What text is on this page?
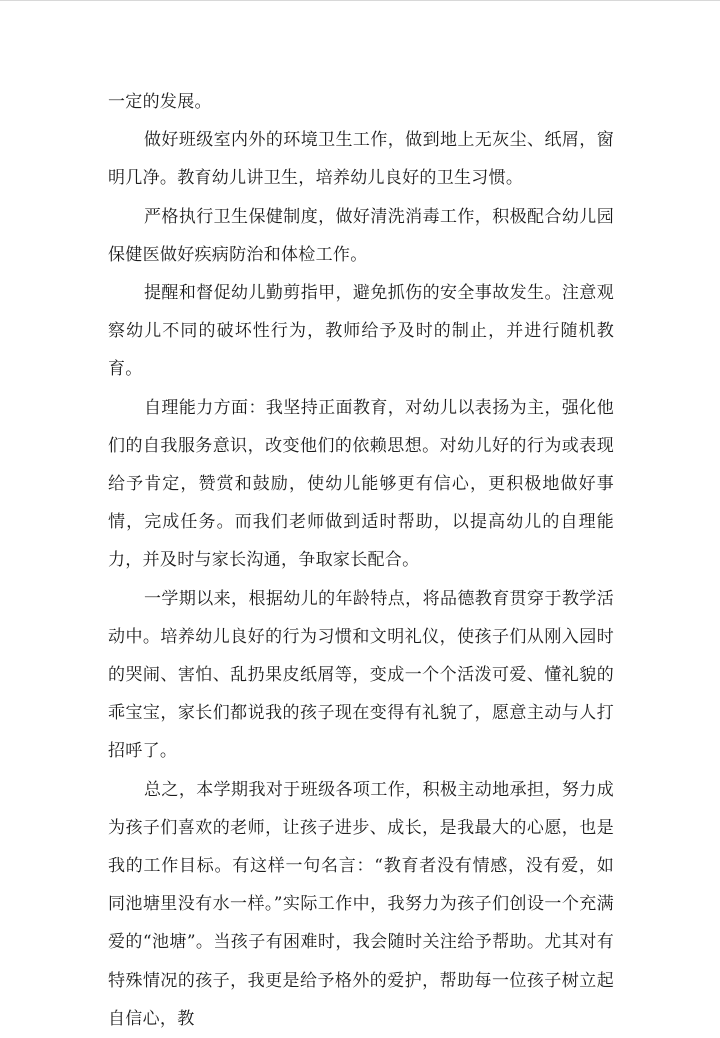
一定的发展。

做好班级室内外的环境卫生工作，做到地上无灰尘、纸屑，窗明几净。教育幼儿讲卫生，培养幼儿良好的卫生习惯。

严格执行卫生保健制度，做好清洗消毒工作，积极配合幼儿园保健医做好疾病防治和体检工作。

提醒和督促幼儿勤剪指甲，避免抓伤的安全事故发生。注意观察幼儿不同的破坏性行为，教师给予及时的制止，并进行随机教育。

自理能力方面：我坚持正面教育，对幼儿以表扬为主，强化他们的自我服务意识，改变他们的依赖思想。对幼儿好的行为或表现给予肯定，赞赏和鼓励，使幼儿能够更有信心，更积极地做好事情，完成任务。而我们老师做到适时帮助，以提高幼儿的自理能力，并及时与家长沟通，争取家长配合。

一学期以来，根据幼儿的年龄特点，将品德教育贯穿于教学活动中。培养幼儿良好的行为习惯和文明礼仪，使孩子们从刚入园时的哭闹、害怕、乱扔果皮纸屑等，变成一个个活泼可爱、懂礼貌的乖宝宝，家长们都说我的孩子现在变得有礼貌了，愿意主动与人打招呼了。

总之，本学期我对于班级各项工作，积极主动地承担，努力成为孩子们喜欢的老师，让孩子进步、成长，是我最大的心愿，也是我的工作目标。有这样一句名言：“教育者没有情感，没有爱，如同池塘里没有水一样。”实际工作中，我努力为孩子们创设一个充满爱的“池塘”。当孩子有困难时，我会随时关注给予帮助。尤其对有特殊情况的孩子，我更是给予格外的爱护，帮助每一位孩子树立起自信心，教
